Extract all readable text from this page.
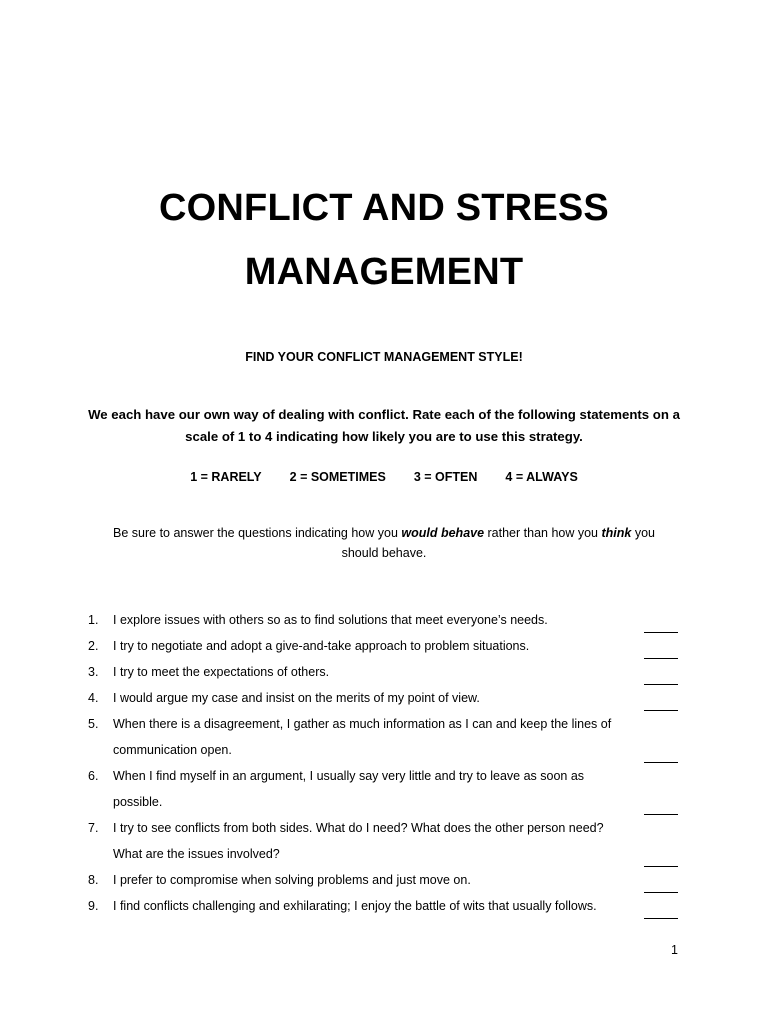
CONFLICT AND STRESS
MANAGEMENT
FIND YOUR CONFLICT MANAGEMENT STYLE!
We each have our own way of dealing with conflict. Rate each of the following statements on a scale of 1 to 4 indicating how likely you are to use this strategy.
1 = RARELY 2 = SOMETIMES 3 = OFTEN 4 = ALWAYS
Be sure to answer the questions indicating how you would behave rather than how you think you should behave.
1.	I explore issues with others so as to find solutions that meet everyone’s needs.
2.	I try to negotiate and adopt a give-and-take approach to problem situations.
3.	I try to meet the expectations of others.
4.	I would argue my case and insist on the merits of my point of view.
5.	When there is a disagreement, I gather as much information as I can and keep the lines of communication open.
6.	When I find myself in an argument, I usually say very little and try to leave as soon as possible.
7.	I try to see conflicts from both sides. What do I need? What does the other person need? What are the issues involved?
8.	I prefer to compromise when solving problems and just move on.
9.	I find conflicts challenging and exhilarating; I enjoy the battle of wits that usually follows.
1
